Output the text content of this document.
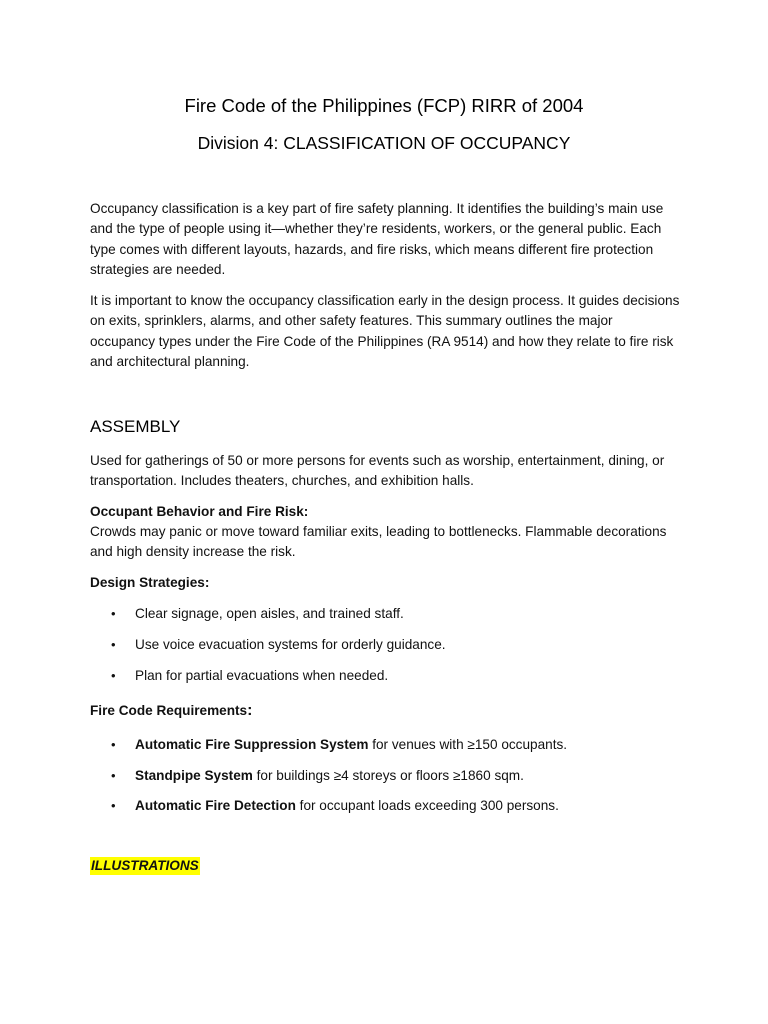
Fire Code of the Philippines (FCP) RIRR of 2004
Division 4: CLASSIFICATION OF OCCUPANCY

Occupancy classification is a key part of fire safety planning. It identifies the building’s main use and the type of people using it—whether they’re residents, workers, or the general public. Each type comes with different layouts, hazards, and fire risks, which means different fire protection strategies are needed.

It is important to know the occupancy classification early in the design process. It guides decisions on exits, sprinklers, alarms, and other safety features. This summary outlines the major occupancy types under the Fire Code of the Philippines (RA 9514) and how they relate to fire risk and architectural planning.

ASSEMBLY

Used for gatherings of 50 or more persons for events such as worship, entertainment, dining, or transportation. Includes theaters, churches, and exhibition halls.

Occupant Behavior and Fire Risk:

Crowds may panic or move toward familiar exits, leading to bottlenecks. Flammable decorations and high density increase the risk.

Design Strategies:

• Clear signage, open aisles, and trained staff.
• Use voice evacuation systems for orderly guidance.
• Plan for partial evacuations when needed.

Fire Code Requirements:

• Automatic Fire Suppression System for venues with ≥150 occupants.
• Standpipe System for buildings ≥4 storeys or floors ≥1860 sqm.
• Automatic Fire Detection for occupant loads exceeding 300 persons.

ILLUSTRATIONS
